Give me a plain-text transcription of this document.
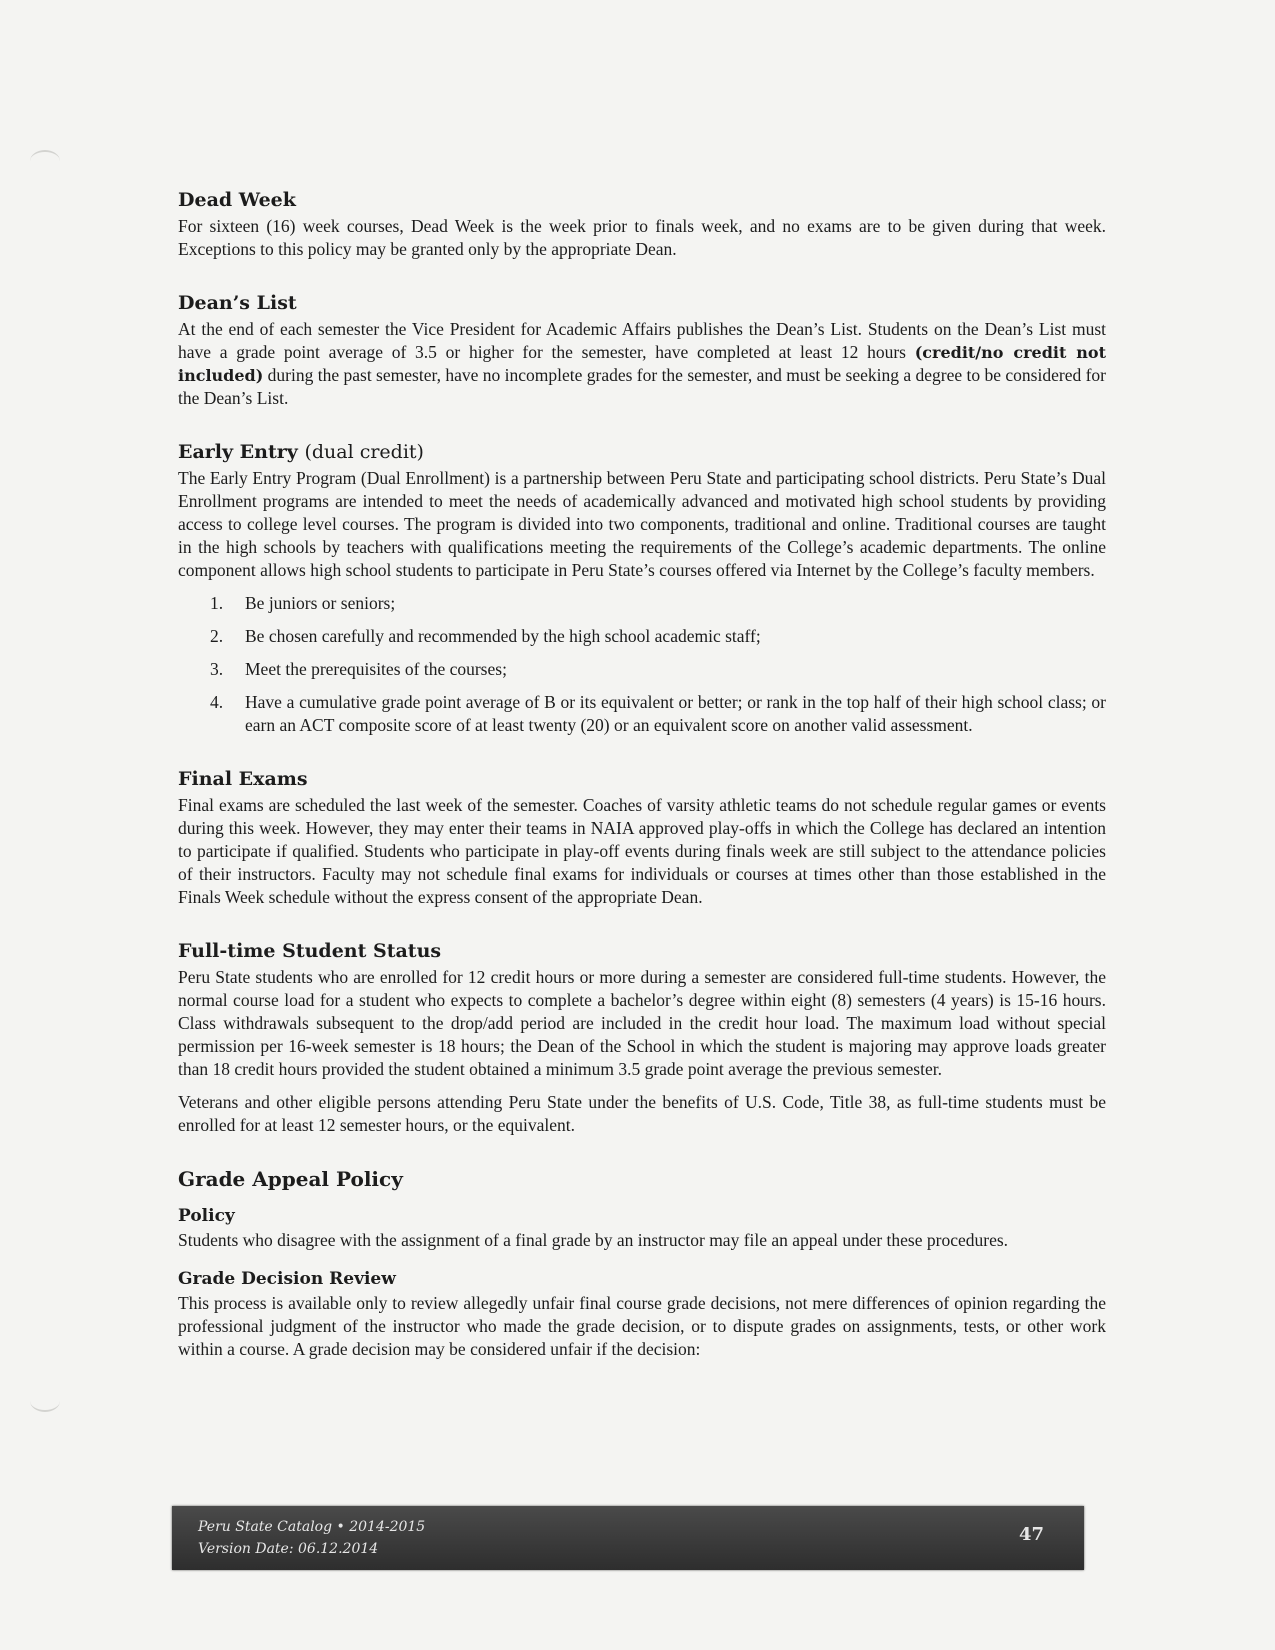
Dead Week

For sixteen (16) week courses, Dead Week is the week prior to finals week, and no exams are to be given during that week. Exceptions to this policy may be granted only by the appropriate Dean.

Dean’s List

At the end of each semester the Vice President for Academic Affairs publishes the Dean’s List. Students on the Dean’s List must have a grade point average of 3.5 or higher for the semester, have completed at least 12 hours (credit/no credit not included) during the past semester, have no incomplete grades for the semester, and must be seeking a degree to be considered for the Dean’s List.

Early Entry (dual credit)

The Early Entry Program (Dual Enrollment) is a partnership between Peru State and participating school districts. Peru State’s Dual Enrollment programs are intended to meet the needs of academically advanced and motivated high school students by providing access to college level courses. The program is divided into two components, traditional and online. Traditional courses are taught in the high schools by teachers with qualifications meeting the requirements of the College’s academic departments. The online component allows high school students to participate in Peru State’s courses offered via Internet by the College’s faculty members.

1.	Be juniors or seniors;
2.	Be chosen carefully and recommended by the high school academic staff;
3.	Meet the prerequisites of the courses;
4.	Have a cumulative grade point average of B or its equivalent or better; or rank in the top half of their high school class; or earn an ACT composite score of at least twenty (20) or an equivalent score on another valid assessment.
Final Exams

Final exams are scheduled the last week of the semester. Coaches of varsity athletic teams do not schedule regular games or events during this week. However, they may enter their teams in NAIA approved play-offs in which the College has declared an intention to participate if qualified. Students who participate in play-off events during finals week are still subject to the attendance policies of their instructors. Faculty may not schedule final exams for individuals or courses at times other than those established in the Finals Week schedule without the express consent of the appropriate Dean.

Full-time Student Status

Peru State students who are enrolled for 12 credit hours or more during a semester are considered full-time students. However, the normal course load for a student who expects to complete a bachelor’s degree within eight (8) semesters (4 years) is 15-16 hours. Class withdrawals subsequent to the drop/add period are included in the credit hour load. The maximum load without special permission per 16-week semester is 18 hours; the Dean of the School in which the student is majoring may approve loads greater than 18 credit hours provided the student obtained a minimum 3.5 grade point average the previous semester.

Veterans and other eligible persons attending Peru State under the benefits of U.S. Code, Title 38, as full-time students must be enrolled for at least 12 semester hours, or the equivalent.

Grade Appeal Policy
Policy

Students who disagree with the assignment of a final grade by an instructor may file an appeal under these procedures.

Grade Decision Review

This process is available only to review allegedly unfair final course grade decisions, not mere differences of opinion regarding the professional judgment of the instructor who made the grade decision, or to dispute grades on assignments, tests, or other work within a course. A grade decision may be considered unfair if the decision:

Peru State Catalog • 2014-2015
Version Date: 06.12.2014
47
